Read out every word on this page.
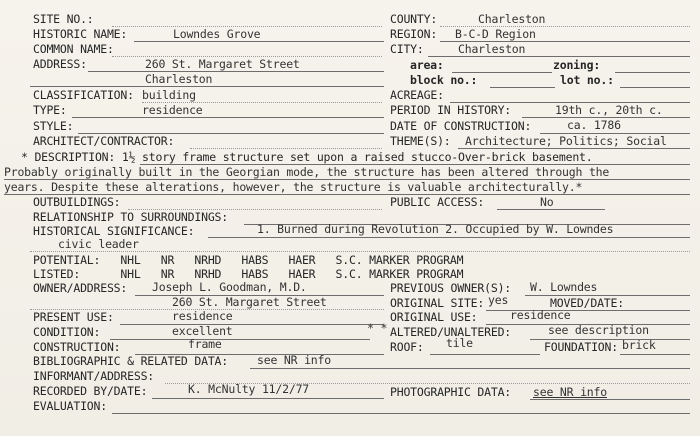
SITE NO.:
HISTORIC NAME:	Lowndes Grove
COMMON NAME:
ADDRESS:	260 St. Margaret Street
Charleston
CLASSIFICATION: building
TYPE:	residence
STYLE:
ARCHITECT/CONTRACTOR:
COUNTY:	Charleston
REGION: B-C-D Region
CITY:	Charleston
area:	zoning:
block no.:	lot no.:
ACREAGE:
PERIOD IN HISTORY:	19th c., 20th c.
DATE OF CONSTRUCTION:	ca. 1786
THEME(S): Architecture; Politics; Social
* DESCRIPTION: 1½ story frame structure set upon a raised stucco-Over-brick basement.
Probably originally built in the Georgian mode, the structure has been altered through the
years. Despite these alterations, however, the structure is valuable architecturally.*
OUTBUILDINGS:	PUBLIC ACCESS:	No
RELATIONSHIP TO SURROUNDINGS:
HISTORICAL SIGNIFICANCE:	1. Burned during Revolution 2. Occupied by W. Lowndes
civic leader
POTENTIAL:   NHL   NR   NRHD   HABS   HAER   S.C. MARKER PROGRAM
LISTED:      NHL   NR   NRHD   HABS   HAER   S.C. MARKER PROGRAM
OWNER/ADDRESS: Joseph L. Goodman, M.D.
260 St. Margaret Street
PREVIOUS OWNER(S): W. Lowndes
ORIGINAL SITE: yes	MOVED/DATE:
PRESENT USE:	residence	ORIGINAL USE:	residence
CONDITION:	excellent	* * ALTERED/UNALTERED:	see description
CONSTRUCTION:	frame	ROOF: tile	FOUNDATION: brick
BIBLIOGRAPHIC & RELATED DATA:	see NR info
INFORMANT/ADDRESS:
RECORDED BY/DATE:	K. McNulty 11/2/77	PHOTOGRAPHIC DATA: see NR info
EVALUATION:
